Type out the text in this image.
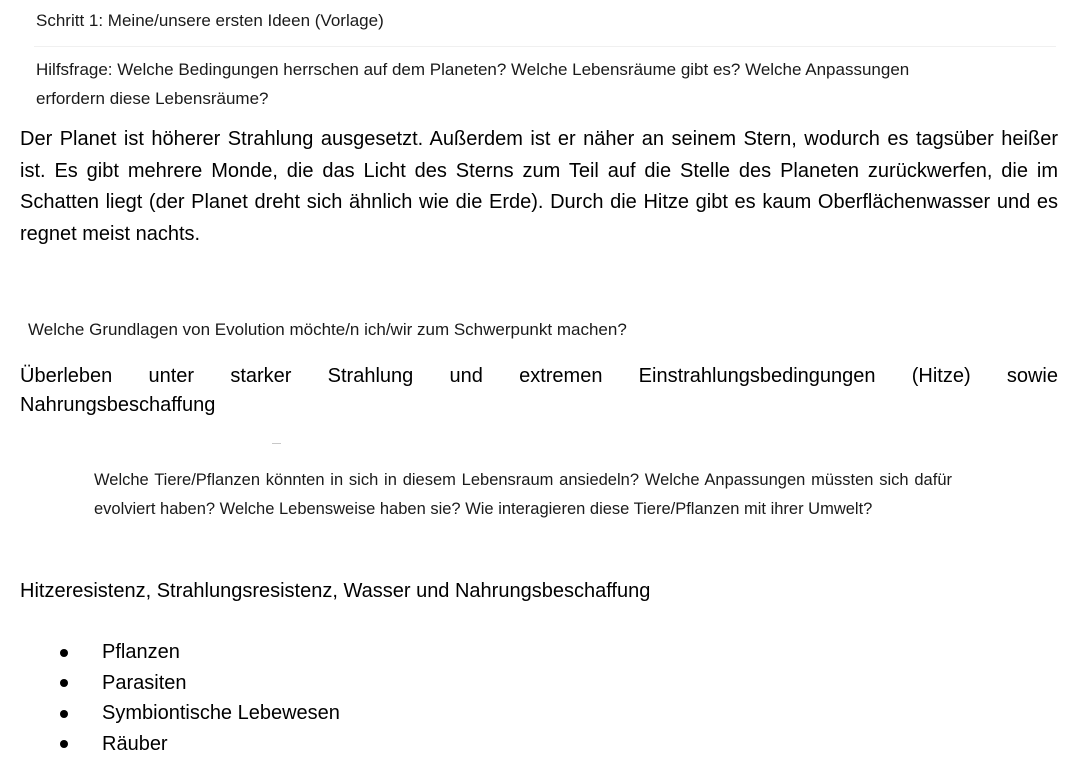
Schritt 1: Meine/unsere ersten Ideen (Vorlage)
Hilfsfrage: Welche Bedingungen herrschen auf dem Planeten? Welche Lebensräume gibt es? Welche Anpassungen erfordern diese Lebensräume?

Der Planet ist höherer Strahlung ausgesetzt. Außerdem ist er näher an seinem Stern, wodurch es tagsüber heißer ist. Es gibt mehrere Monde, die das Licht des Sterns zum Teil auf die Stelle des Planeten zurückwerfen, die im Schatten liegt (der Planet dreht sich ähnlich wie die Erde). Durch die Hitze gibt es kaum Oberflächenwasser und es regnet meist nachts.

Welche Grundlagen von Evolution möchte/n ich/wir zum Schwerpunkt machen?
Überleben unter starker Strahlung und extremen Einstrahlungsbedingungen (Hitze) sowie
Nahrungsbeschaffung
Welche Tiere/Pflanzen könnten in sich in diesem Lebensraum ansiedeln? Welche Anpassungen müssten sich dafür evolviert haben? Welche Lebensweise haben sie? Wie interagieren diese Tiere/Pflanzen mit ihrer Umwelt?
Hitzeresistenz, Strahlungsresistenz, Wasser und Nahrungsbeschaffung
Pflanzen
Parasiten
Symbiontische Lebewesen
Räuber
